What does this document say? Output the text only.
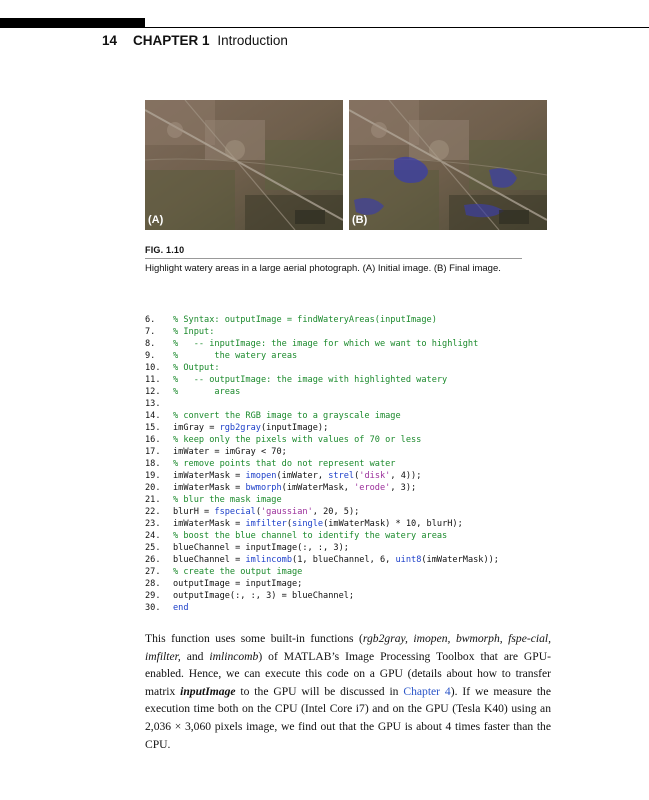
14 CHAPTER 1 Introduction
(A)	(B)
FIG. 1.10
Highlight watery areas in a large aerial photograph. (A) Initial image. (B) Final image.
6. % Syntax: outputImage = findWateryAreas(inputImage)
7. % Input:
8. %   -- inputImage: the image for which we want to highlight
9. %       the watery areas
10. % Output:
11. %   -- outputImage: the image with highlighted watery
12. %       areas
13.
14. % convert the RGB image to a grayscale image
15. imGray = rgb2gray(inputImage);
16. % keep only the pixels with values of 70 or less
17. imWater = imGray < 70;
18. % remove points that do not represent water
19. imWaterMask = imopen(imWater, strel('disk', 4));
20. imWaterMask = bwmorph(imWaterMask, 'erode', 3);
21. % blur the mask image
22. blurH = fspecial('gaussian', 20, 5);
23. imWaterMask = imfilter(single(imWaterMask) * 10, blurH);
24. % boost the blue channel to identify the watery areas
25. blueChannel = inputImage(:, :, 3);
26. blueChannel = imlincomb(1, blueChannel, 6, uint8(imWaterMask));
27. % create the output image
28. outputImage = inputImage;
29. outputImage(:, :, 3) = blueChannel;
30. end
This function uses some built-in functions (rgb2gray, imopen, bwmorph, fspe-cial, imfilter, and imlincomb) of MATLAB’s Image Processing Toolbox that are GPU-enabled. Hence, we can execute this code on a GPU (details about how to transfer matrix inputImage to the GPU will be discussed in Chapter 4). If we measure the execution time both on the CPU (Intel Core i7) and on the GPU (Tesla K40) using an 2,036 × 3,060 pixels image, we find out that the GPU is about 4 times faster than the CPU.
